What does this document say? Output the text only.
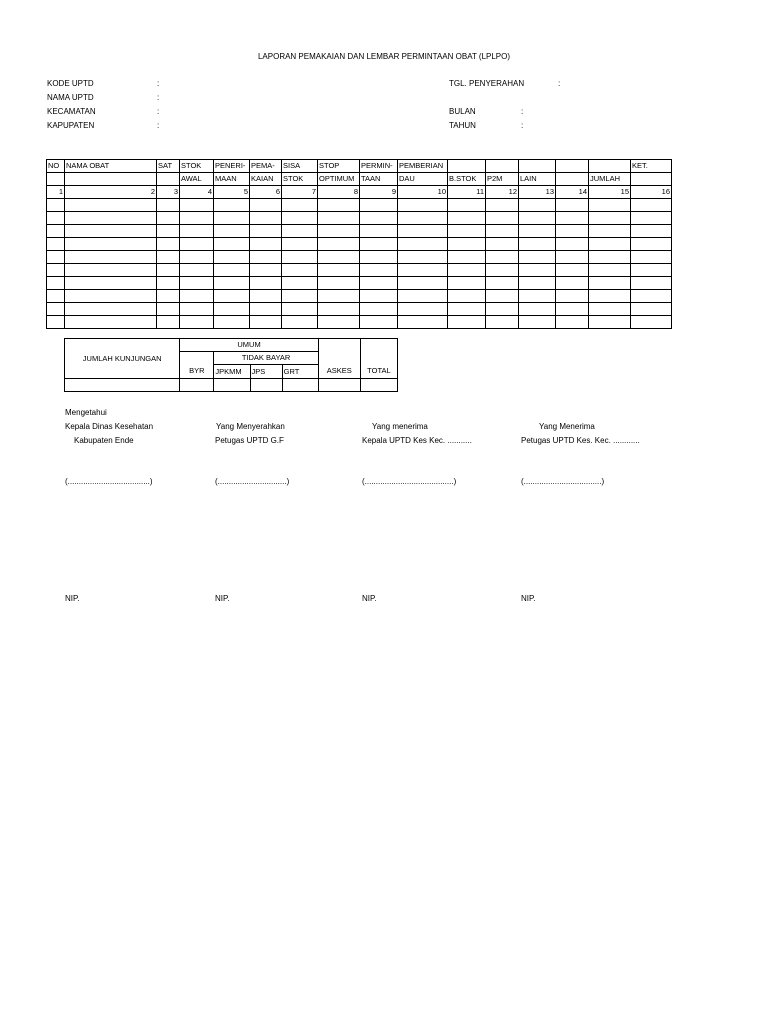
LAPORAN PEMAKAIAN DAN LEMBAR PERMINTAAN OBAT (LPLPO)
KODE UPTD	:
NAMA UPTD	:
KECAMATAN	:
KAPUPATEN	:
TGL. PENYERAHAN	:
BULAN	:
TAHUN	:
NO	NAMA OBAT	SAT	STOK	PENERI-	PEMA-	SISA	STOP	PERMIN-	PEMBERIAN						KET.
			AWAL	MAAN	KAIAN	STOK	OPTIMUM	TAAN	DAU	B.STOK	P2M	LAIN		JUMLAH	
1	2	3	4	5	6	7	8	9	10	11	12	13	14	15	16

JUMLAH KUNJUNGAN	UMUM					
		TIDAK BAYAR				
	BYR	JPKMM	JPS	GRT	ASKES	TOTAL

Mengetahui
Kepala Dinas Kesehatan
Kabupaten Ende
(.....................................)
NIP.
Yang Menyerahkan
Petugas UPTD G.F
(...............................)
NIP.
Yang menerima
Kepala UPTD Kes Kec. ...........
(........................................)
NIP.
Yang Menerima
Petugas UPTD Kes. Kec. ............
(...................................)
NIP.
